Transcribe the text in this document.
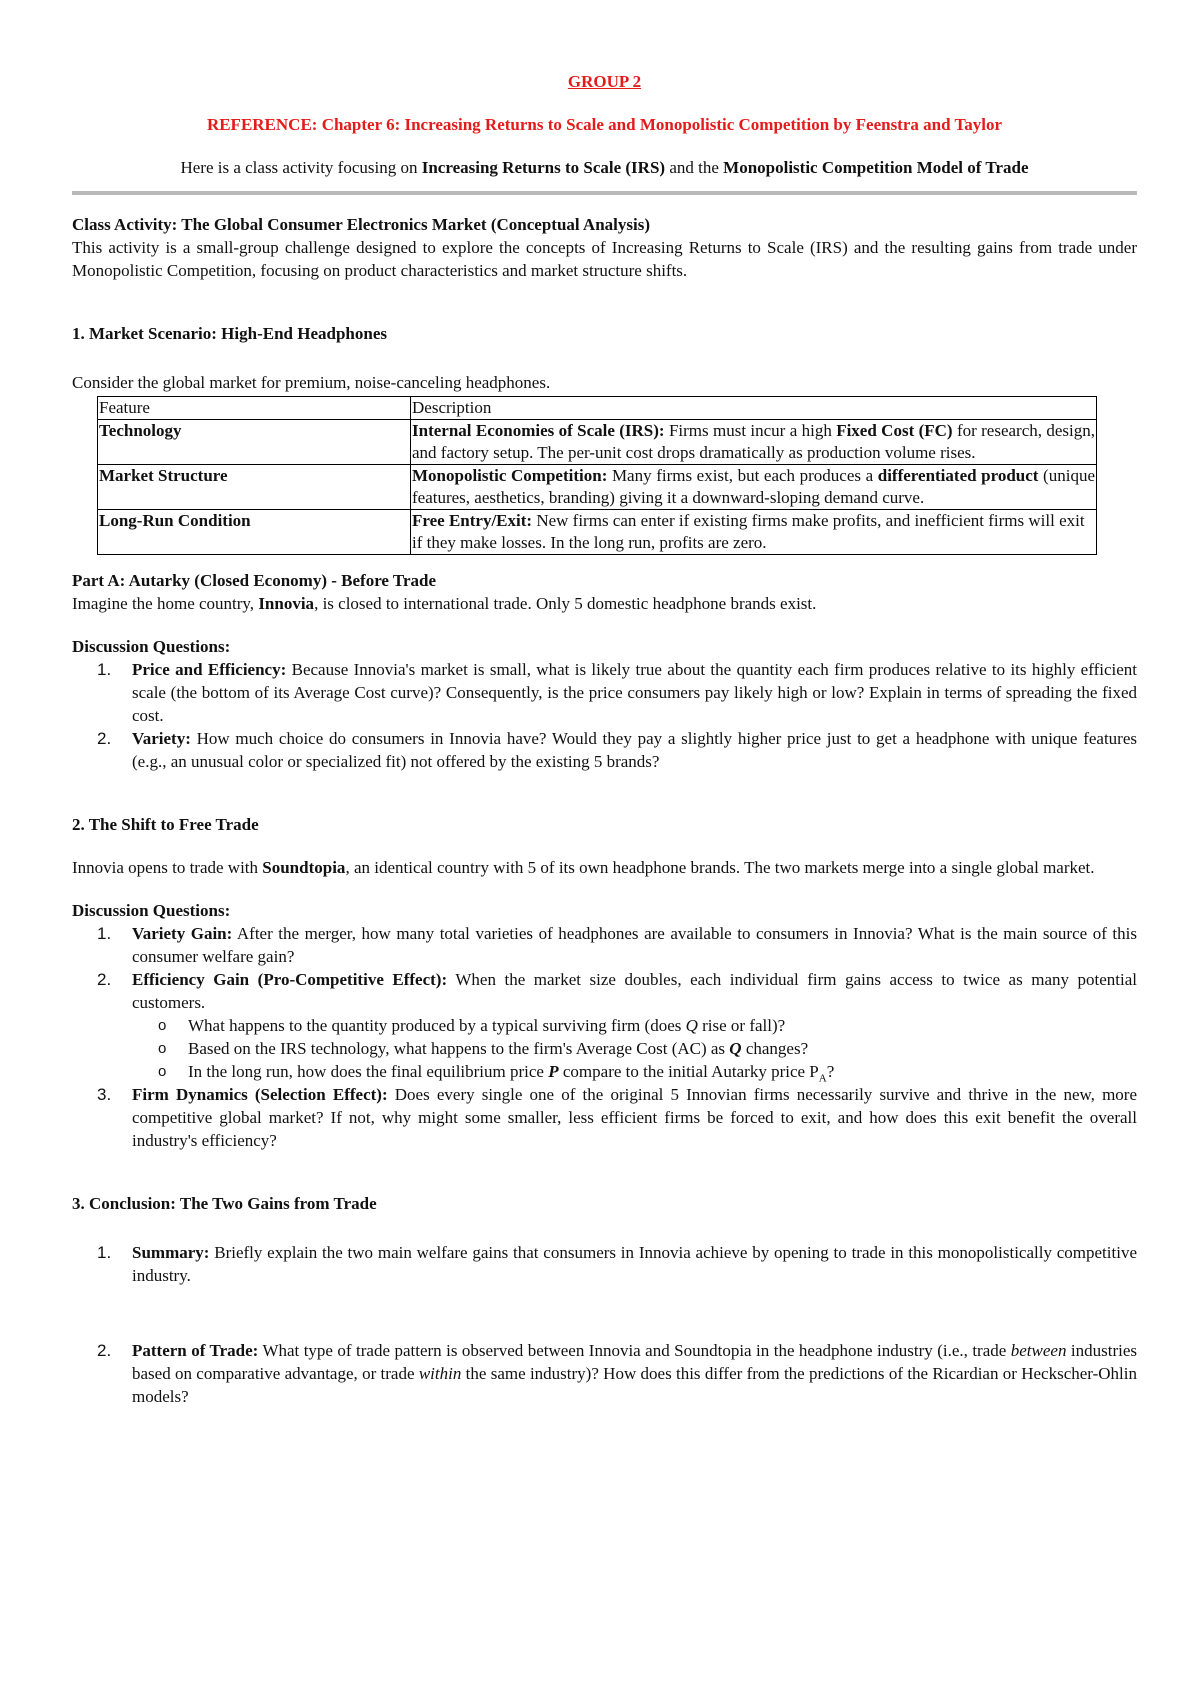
GROUP 2

REFERENCE: Chapter 6: Increasing Returns to Scale and Monopolistic Competition by Feenstra and Taylor

Here is a class activity focusing on Increasing Returns to Scale (IRS) and the Monopolistic Competition Model of Trade

Class Activity: The Global Consumer Electronics Market (Conceptual Analysis)

This activity is a small-group challenge designed to explore the concepts of Increasing Returns to Scale (IRS) and the resulting gains from trade under Monopolistic Competition, focusing on product characteristics and market structure shifts.

1. Market Scenario: High-End Headphones

Consider the global market for premium, noise-canceling headphones.

Feature	Description
Technology	Internal Economies of Scale (IRS): Firms must incur a high Fixed Cost (FC) for research, design, and factory setup. The per-unit cost drops dramatically as production volume rises.
Market Structure	Monopolistic Competition: Many firms exist, but each produces a differentiated product (unique features, aesthetics, branding) giving it a downward-sloping demand curve.
Long-Run Condition	Free Entry/Exit: New firms can enter if existing firms make profits, and inefficient firms will exit if they make losses. In the long run, profits are zero.

Part A: Autarky (Closed Economy) - Before Trade

Imagine the home country, Innovia, is closed to international trade. Only 5 domestic headphone brands exist.

Discussion Questions:

1. Price and Efficiency: Because Innovia's market is small, what is likely true about the quantity each firm produces relative to its highly efficient scale (the bottom of its Average Cost curve)? Consequently, is the price consumers pay likely high or low? Explain in terms of spreading the fixed cost.
2. Variety: How much choice do consumers in Innovia have? Would they pay a slightly higher price just to get a headphone with unique features (e.g., an unusual color or specialized fit) not offered by the existing 5 brands?

2. The Shift to Free Trade

Innovia opens to trade with Soundtopia, an identical country with 5 of its own headphone brands. The two markets merge into a single global market.

Discussion Questions:

1. Variety Gain: After the merger, how many total varieties of headphones are available to consumers in Innovia? What is the main source of this consumer welfare gain?
2. Efficiency Gain (Pro-Competitive Effect): When the market size doubles, each individual firm gains access to twice as many potential customers.
o What happens to the quantity produced by a typical surviving firm (does Q rise or fall)?
o Based on the IRS technology, what happens to the firm's Average Cost (AC) as Q changes?
o In the long run, how does the final equilibrium price P compare to the initial Autarky price $P_A$?
3. Firm Dynamics (Selection Effect): Does every single one of the original 5 Innovian firms necessarily survive and thrive in the new, more competitive global market? If not, why might some smaller, less efficient firms be forced to exit, and how does this exit benefit the overall industry's efficiency?

3. Conclusion: The Two Gains from Trade

1. Summary: Briefly explain the two main welfare gains that consumers in Innovia achieve by opening to trade in this monopolistically competitive industry.
2. Pattern of Trade: What type of trade pattern is observed between Innovia and Soundtopia in the headphone industry (i.e., trade between industries based on comparative advantage, or trade within the same industry)? How does this differ from the predictions of the Ricardian or Heckscher-Ohlin models?
